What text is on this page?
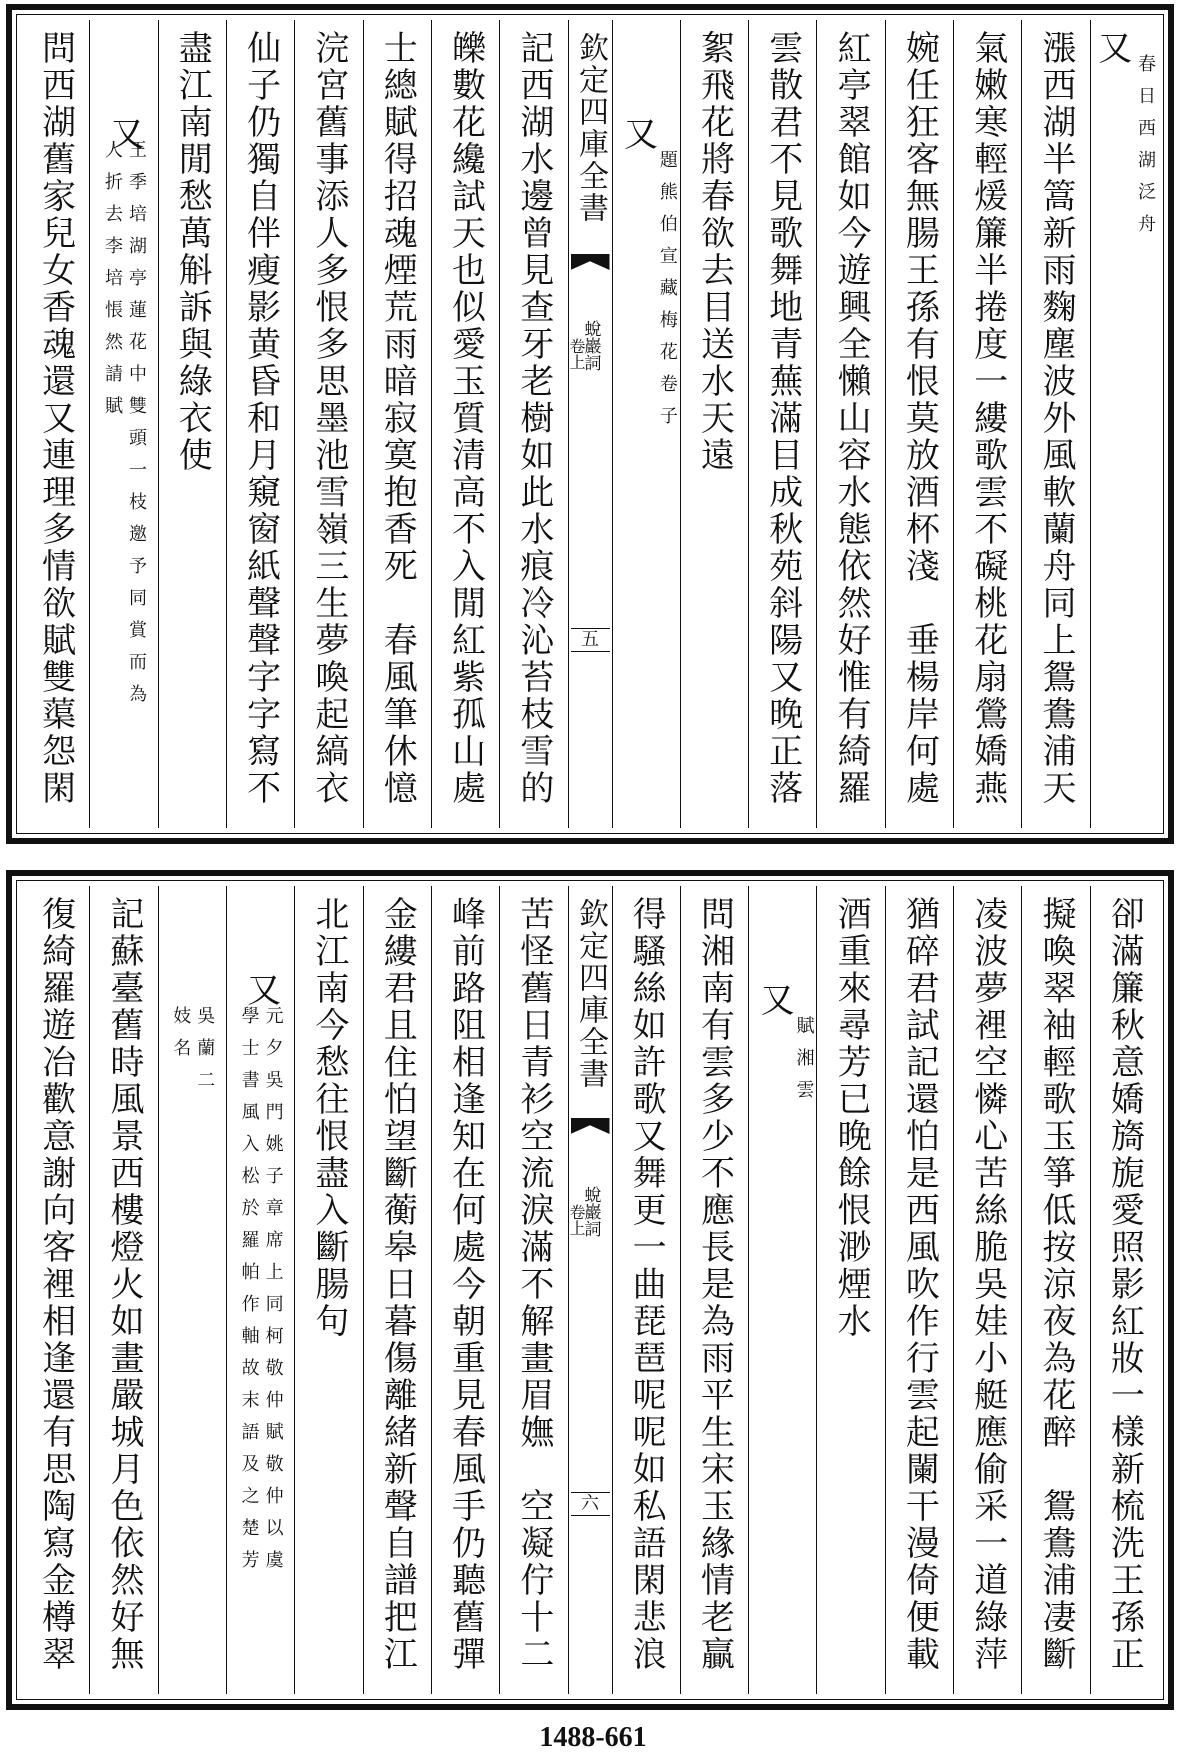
又
春日西湖泛舟
漲西湖半篙新雨麴塵波外風軟蘭舟同上鴛鴦浦天
氣嫩寒輕煖簾半捲度一縷歌雲不礙桃花扇鶯嬌燕
婉任狂客無腸王孫有恨莫放酒杯淺　垂楊岸何處
紅亭翠館如今遊興全懶山容水態依然好惟有綺羅
雲散君不見歌舞地青蕪滿目成秋苑斜陽又晚正落
絮飛花將春欲去目送水天遠
又
題熊伯宣藏梅花卷子
欽定四庫全書
蛻巖詞
卷上
五
記西湖水邊曾見查牙老樹如此水痕冷沁苔枝雪的
皪數花纔試天也似愛玉質清高不入閒紅紫孤山處
士總賦得招魂煙荒雨暗寂寞抱香死　春風筆休憶
浣宮舊事添人多恨多思墨池雪嶺三生夢喚起縞衣
仙子仍獨自伴瘦影黄昏和月窺窗紙聲聲字字寫不
盡江南閒愁萬斛訴與綠衣使
又
王季培湖亭蓮花中雙頭一枝邀予同賞而為
人折去李培悵然請賦
問西湖舊家兒女香魂還又連理多情欲賦雙蕖怨閑
卻滿簾秋意嬌旖旎愛照影紅妝一樣新梳洗王孫正
擬喚翠袖輕歌玉箏低按涼夜為花醉　鴛鴦浦凄斷
凌波夢裡空憐心苦絲脆吳娃小艇應偷采一道綠萍
猶碎君試記還怕是西風吹作行雲起闌干漫倚便載
酒重來尋芳已晚餘恨渺煙水
又
賦湘雲
問湘南有雲多少不應長是為雨平生宋玉緣情老贏
得騷絲如許歌又舞更一曲琵琶呢呢如私語閑悲浪
欽定四庫全書
蛻巖詞
卷上
六
苦怪舊日青衫空流淚滿不解畫眉嫵　空凝佇十二
峰前路阻相逢知在何處今朝重見春風手仍聽舊彈
金縷君且住怕望斷蘅皋日暮傷離緒新聲自譜把江
北江南今愁往恨盡入斷腸句
又
元夕吳門姚子章席上同柯敬仲賦敬仲以虞
學士書風入松於羅帕作軸故末語及之楚芳
吳蘭二
妓名
記蘇臺舊時風景西樓燈火如畫嚴城月色依然好無
復綺羅遊冶歡意謝向客裡相逢還有思陶寫金樽翠
1488-661
